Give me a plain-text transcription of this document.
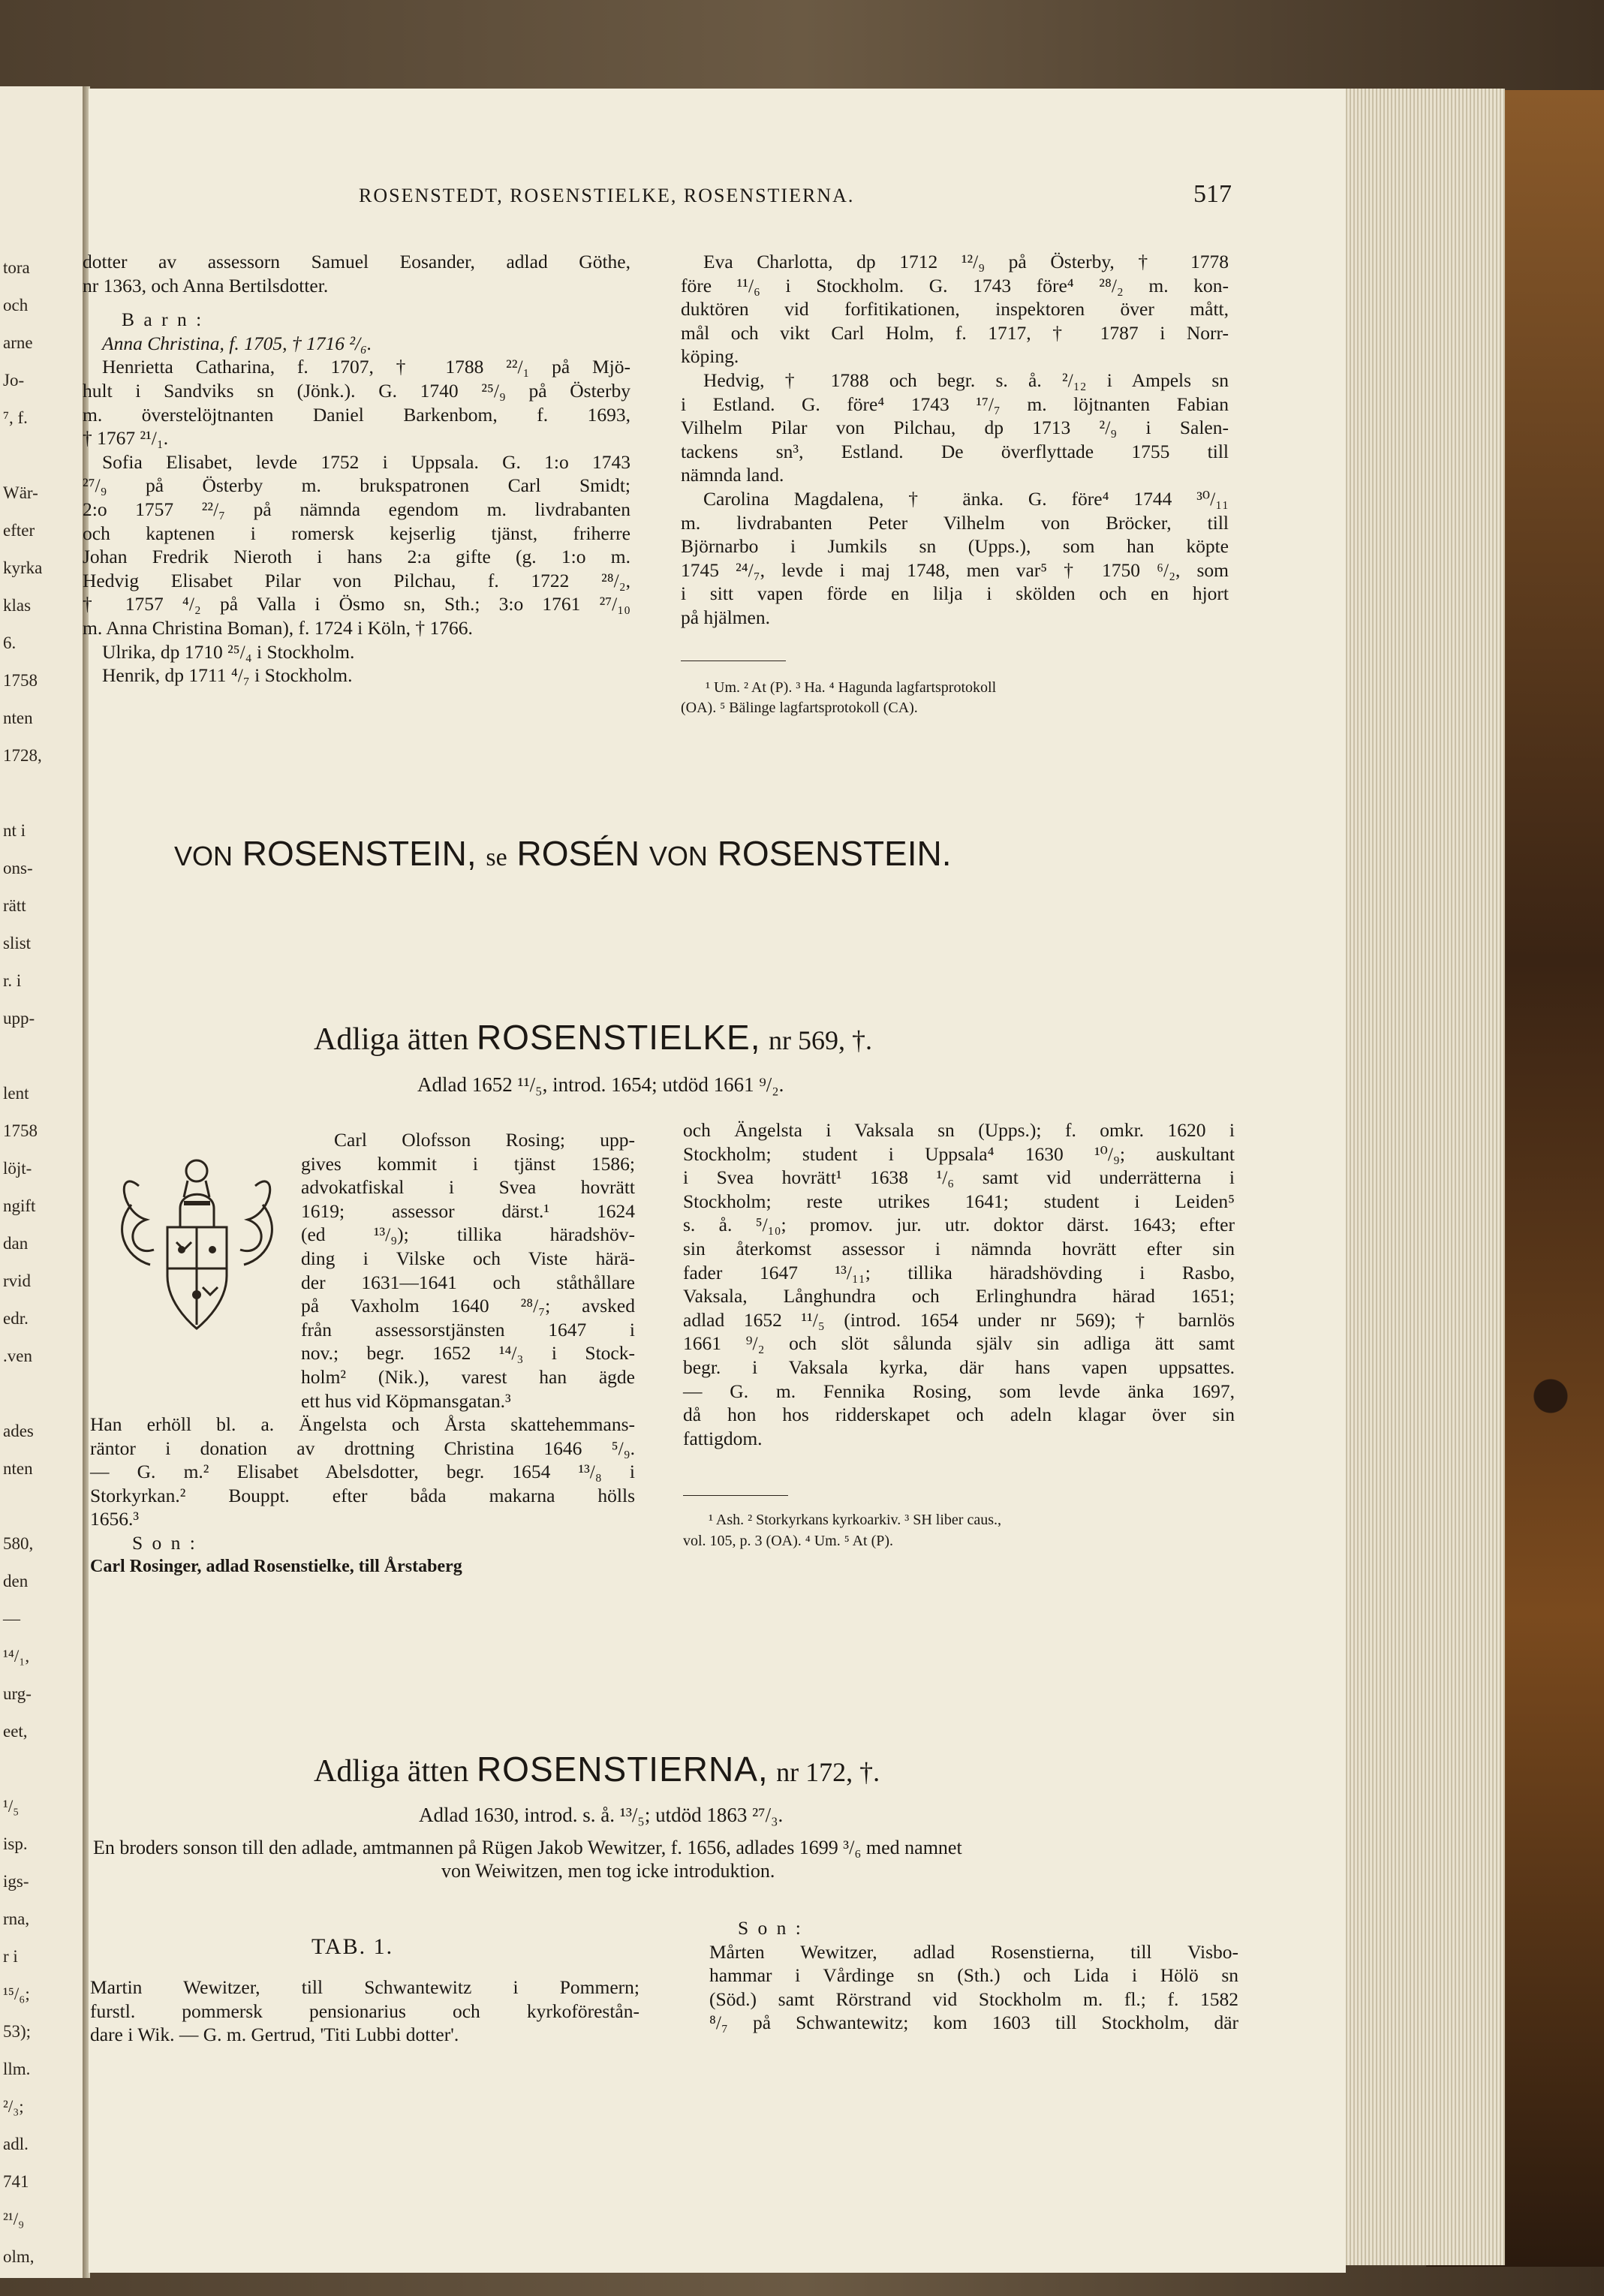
tora
och
arne
Jo-
⁷, f.
Wär-
efter
kyrka
klas
6.
1758
nten
1728,
nt i
ons-
rätt
slist
r. i
upp-
lent
1758
löjt-
ngift
dan
rvid
edr.
.ven
ades
nten
580,
den
—
¹⁴/₁,
urg-
eet,
¹/₅
isp.
igs-
rna,
r i
¹⁵/₆;
53);
llm.
²/₃;
adl.
741
²¹/₉
olm,
ROSENSTEDT, ROSENSTIELKE, ROSENSTIERNA.	517
dotter av assessorn Samuel Eosander, adlad Göthe,
nr 1363, och Anna Bertilsdotter.
B a r n :
Anna Christina, f. 1705, † 1716 ²/₆.
Henrietta Catharina, f. 1707, † 1788 ²²/₁ på Mjö-
hult i Sandviks sn (Jönk.). G. 1740 ²⁵/₉ på Österby
m. överstelöjtnanten Daniel Barkenbom, f. 1693,
† 1767 ²¹/₁.
Sofia Elisabet, levde 1752 i Uppsala. G. 1:o 1743
²⁷/₉ på Österby m. brukspatronen Carl Smidt;
2:o 1757 ²²/₇ på nämnda egendom m. livdrabanten
och kaptenen i romersk kejserlig tjänst, friherre
Johan Fredrik Nieroth i hans 2:a gifte (g. 1:o m.
Hedvig Elisabet Pilar von Pilchau, f. 1722 ²⁸/₂,
† 1757 ⁴/₂ på Valla i Ösmo sn, Sth.; 3:o 1761 ²⁷/₁₀
m. Anna Christina Boman), f. 1724 i Köln, † 1766.
Ulrika, dp 1710 ²⁵/₄ i Stockholm.
Henrik, dp 1711 ⁴/₇ i Stockholm.
Eva Charlotta, dp 1712 ¹²/₉ på Österby, † 1778
före ¹¹/₆ i Stockholm. G. 1743 före⁴ ²⁸/₂ m. kon-
duktören vid forfitikationen, inspektoren över mått,
mål och vikt Carl Holm, f. 1717, † 1787 i Norr-
köping.
Hedvig, † 1788 och begr. s. å. ²/₁₂ i Ampels sn
i Estland. G. före⁴ 1743 ¹⁷/₇ m. löjtnanten Fabian
Vilhelm Pilar von Pilchau, dp 1713 ²/₉ i Salen-
tackens sn³, Estland. De överflyttade 1755 till
nämnda land.
Carolina Magdalena, † änka. G. före⁴ 1744 ³⁰/₁₁
m. livdrabanten Peter Vilhelm von Bröcker, till
Björnarbo i Jumkils sn (Upps.), som han köpte
1745 ²⁴/₇, levde i maj 1748, men var⁵ † 1750 ⁶/₂, som
i sitt vapen förde en lilja i skölden och en hjort
på hjälmen.
¹ Um. ² At (P). ³ Ha. ⁴ Hagunda lagfartsprotokoll
(OA). ⁵ Bälinge lagfartsprotokoll (CA).
VON ROSENSTEIN, se ROSÉN VON ROSENSTEIN.
Adliga ätten ROSENSTIELKE, nr 569, †.
Adlad 1652 ¹¹/₅, introd. 1654; utdöd 1661 ⁹/₂.
Carl Olofsson Rosing; upp-
gives kommit i tjänst 1586;
advokatfiskal i Svea hovrätt
1619; assessor därst.¹ 1624
(ed ¹³/₉); tillika häradshöv-
ding i Vilske och Viste härä-
der 1631—1641 och ståthållare
på Vaxholm 1640 ²⁸/₇; avsked
från assessorstjänsten 1647 i
nov.; begr. 1652 ¹⁴/₃ i Stock-
holm² (Nik.), varest han ägde
ett hus vid Köpmansgatan.³
Han erhöll bl. a. Ängelsta och Årsta skattehemmans-
räntor i donation av drottning Christina 1646 ⁵/₉.
— G. m.² Elisabet Abelsdotter, begr. 1654 ¹³/₈ i
Storkyrkan.² Bouppt. efter båda makarna hölls
1656.³
S o n :
Carl Rosinger, adlad Rosenstielke, till Årstaberg
och Ängelsta i Vaksala sn (Upps.); f. omkr. 1620 i
Stockholm; student i Uppsala⁴ 1630 ¹⁰/₉; auskultant
i Svea hovrätt¹ 1638 ¹/₆ samt vid underrätterna i
Stockholm; reste utrikes 1641; student i Leiden⁵
s. å. ⁵/₁₀; promov. jur. utr. doktor därst. 1643; efter
sin återkomst assessor i nämnda hovrätt efter sin
fader 1647 ¹³/₁₁; tillika häradshövding i Rasbo,
Vaksala, Långhundra och Erlinghundra härad 1651;
adlad 1652 ¹¹/₅ (introd. 1654 under nr 569); † barnlös
1661 ⁹/₂ och slöt sålunda själv sin adliga ätt samt
begr. i Vaksala kyrka, där hans vapen uppsattes.
— G. m. Fennika Rosing, som levde änka 1697,
då hon hos ridderskapet och adeln klagar över sin
fattigdom.
¹ Ash. ² Storkyrkans kyrkoarkiv. ³ SH liber caus.,
vol. 105, p. 3 (OA). ⁴ Um. ⁵ At (P).
Adliga ätten ROSENSTIERNA, nr 172, †.
Adlad 1630, introd. s. å. ¹³/₅; utdöd 1863 ²⁷/₃.
En broders sonson till den adlade, amtmannen på Rügen Jakob Wewitzer, f. 1656, adlades 1699 ³/₆ med namnet
von Weiwitzen, men tog icke introduktion.
TAB. 1.
Martin Wewitzer, till Schwantewitz i Pommern;
furstl. pommersk pensionarius och kyrkoförestån-
dare i Wik. — G. m. Gertrud, 'Titi Lubbi dotter'.
S o n :
Mårten Wewitzer, adlad Rosenstierna, till Visbo-
hammar i Vårdinge sn (Sth.) och Lida i Hölö sn
(Söd.) samt Rörstrand vid Stockholm m. fl.; f. 1582
⁸/₇ på Schwantewitz; kom 1603 till Stockholm, där
